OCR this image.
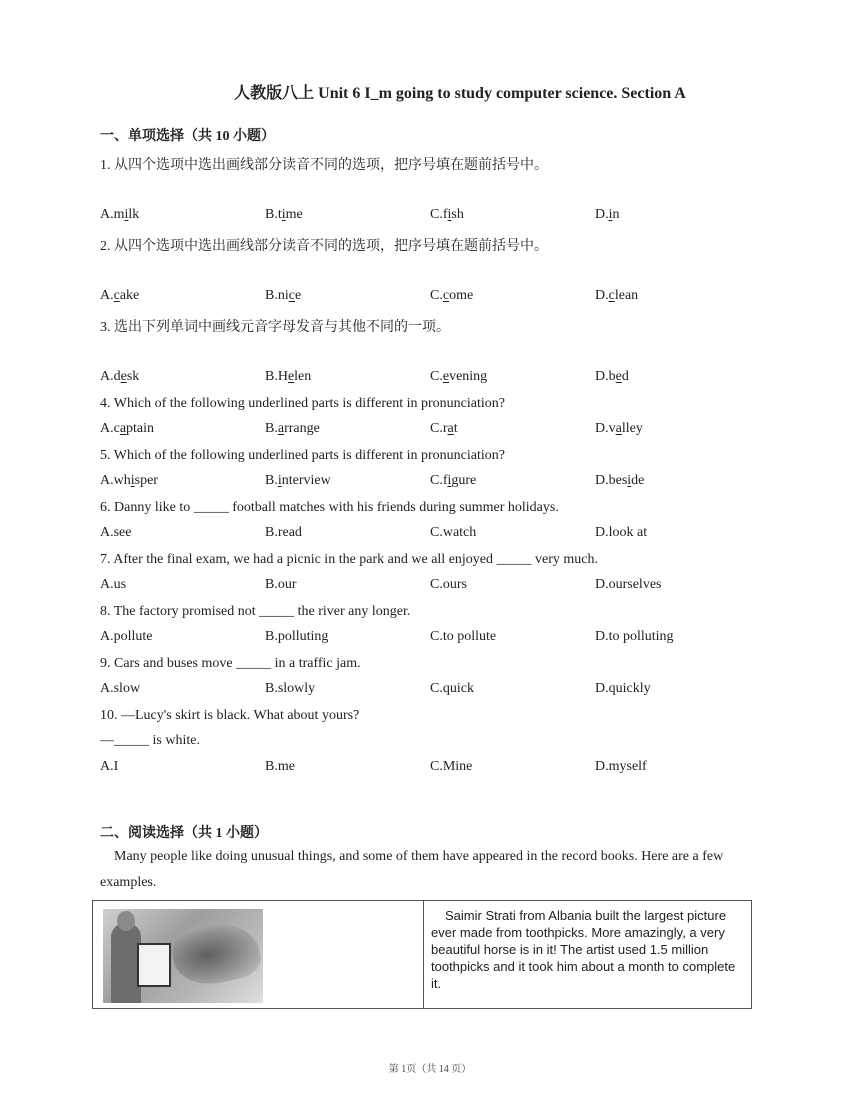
人教版八上 Unit 6 I_m going to study computer science. Section A
一、单项选择（共 10 小题）
1. 从四个选项中选出画线部分读音不同的选项，把序号填在题前括号中。
A.milk	B.time	C.fish	D.in
2. 从四个选项中选出画线部分读音不同的选项，把序号填在题前括号中。
A.cake	B.nice	C.come	D.clean
3. 选出下列单词中画线元音字母发音与其他不同的一项。
A.desk	B.Helen	C.evening	D.bed
4. Which of the following underlined parts is different in pronunciation?
A.captain	B.arrange	C.rat	D.valley
5. Which of the following underlined parts is different in pronunciation?
A.whisper	B.interview	C.figure	D.beside
6. Danny like to _____ football matches with his friends during summer holidays.
A.see	B.read	C.watch	D.look at
7. After the final exam, we had a picnic in the park and we all enjoyed _____ very much.
A.us	B.our	C.ours	D.ourselves
8. The factory promised not _____ the river any longer.
A.pollute	B.polluting	C.to pollute	D.to polluting
9. Cars and buses move _____ in a traffic jam.
A.slow	B.slowly	C.quick	D.quickly
10. —Lucy's skirt is black. What about yours?
—_____ is white.
A.I	B.me	C.Mine	D.myself
二、阅读选择（共 1 小题）
Many people like doing unusual things, and some of them have appeared in the record books. Here are a few examples.
Saimir Strati from Albania built the largest picture ever made from toothpicks. More amazingly, a very beautiful horse is in it! The artist used 1.5 million toothpicks and it took him about a month to complete it.
第 1页（共 14 页）
